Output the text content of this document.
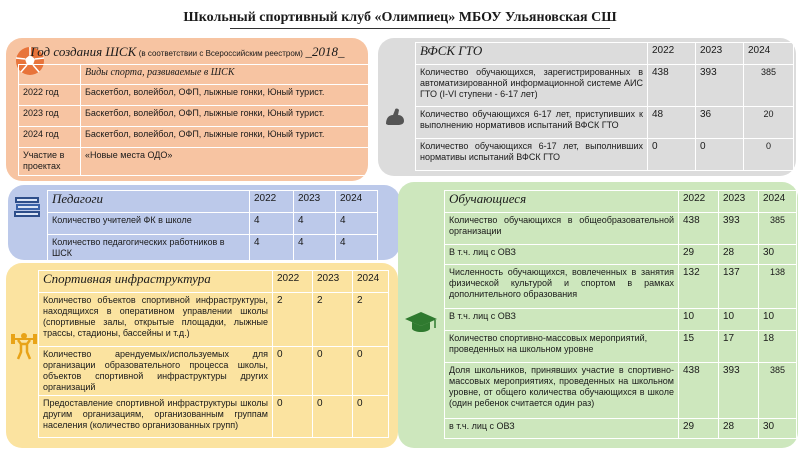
Школьный спортивный клуб «Олимпиец» МБОУ Ульяновская СШ
Год создания ШСК (в соответствии с Всероссийским реестром) _2018_	
	Виды спорта, развиваемые в ШСК
2022 год	Баскетбол, волейбол, ОФП, лыжные гонки, Юный турист.
2023 год	Баскетбол, волейбол, ОФП, лыжные гонки, Юный турист.
2024 год	Баскетбол, волейбол, ОФП, лыжные гонки, Юный турист.
Участие в проектах	«Новые места ОДО»
ВФСК ГТО	2022	2023	2024
Количество обучающихся, зарегистрированных в автоматизированной информационной системе АИС ГТО (I-VI ступени - 6-17 лет)	438	393	385
Количество обучающихся 6-17 лет, приступивших к выполнению нормативов испытаний ВФСК ГТО	48	36	20
Количество обучающихся 6-17 лет, выполнивших нормативы испытаний ВФСК ГТО	0	0	0
Педагоги	2022	2023	2024
Количество учителей ФК в школе	4	4	4
Количество педагогических работников в ШСК	4	4	4
Спортивная инфраструктура	2022	2023	2024
Количество объектов спортивной инфраструктуры, находящихся в оперативном управлении школы (спортивные залы, открытые площадки, лыжные трассы, стадионы, бассейны и т.д.)	2	2	2
Количество арендуемых/используемых для организации образовательного процесса школы, объектов спортивной инфраструктуры других организаций	0	0	0
Предоставление спортивной инфраструктуры школы другим организациям, организованным группам населения (количество организованных групп)	0	0	0
Обучающиеся	2022	2023	2024
Количество обучающихся в общеобразовательной организации	438	393	385
В т.ч. лиц с ОВЗ	29	28	30
Численность обучающихся, вовлеченных в занятия физической культурой и спортом в рамках дополнительного образования	132	137	138
В т.ч. лиц с ОВЗ	10	10	10
Количество спортивно-массовых мероприятий, проведенных на школьном уровне	15	17	18
Доля школьников, принявших участие в спортивно-массовых мероприятиях, проведенных на школьном уровне, от общего количества обучающихся в школе (один ребенок считается один раз)	438	393	385
в т.ч. лиц с ОВЗ	29	28	30
